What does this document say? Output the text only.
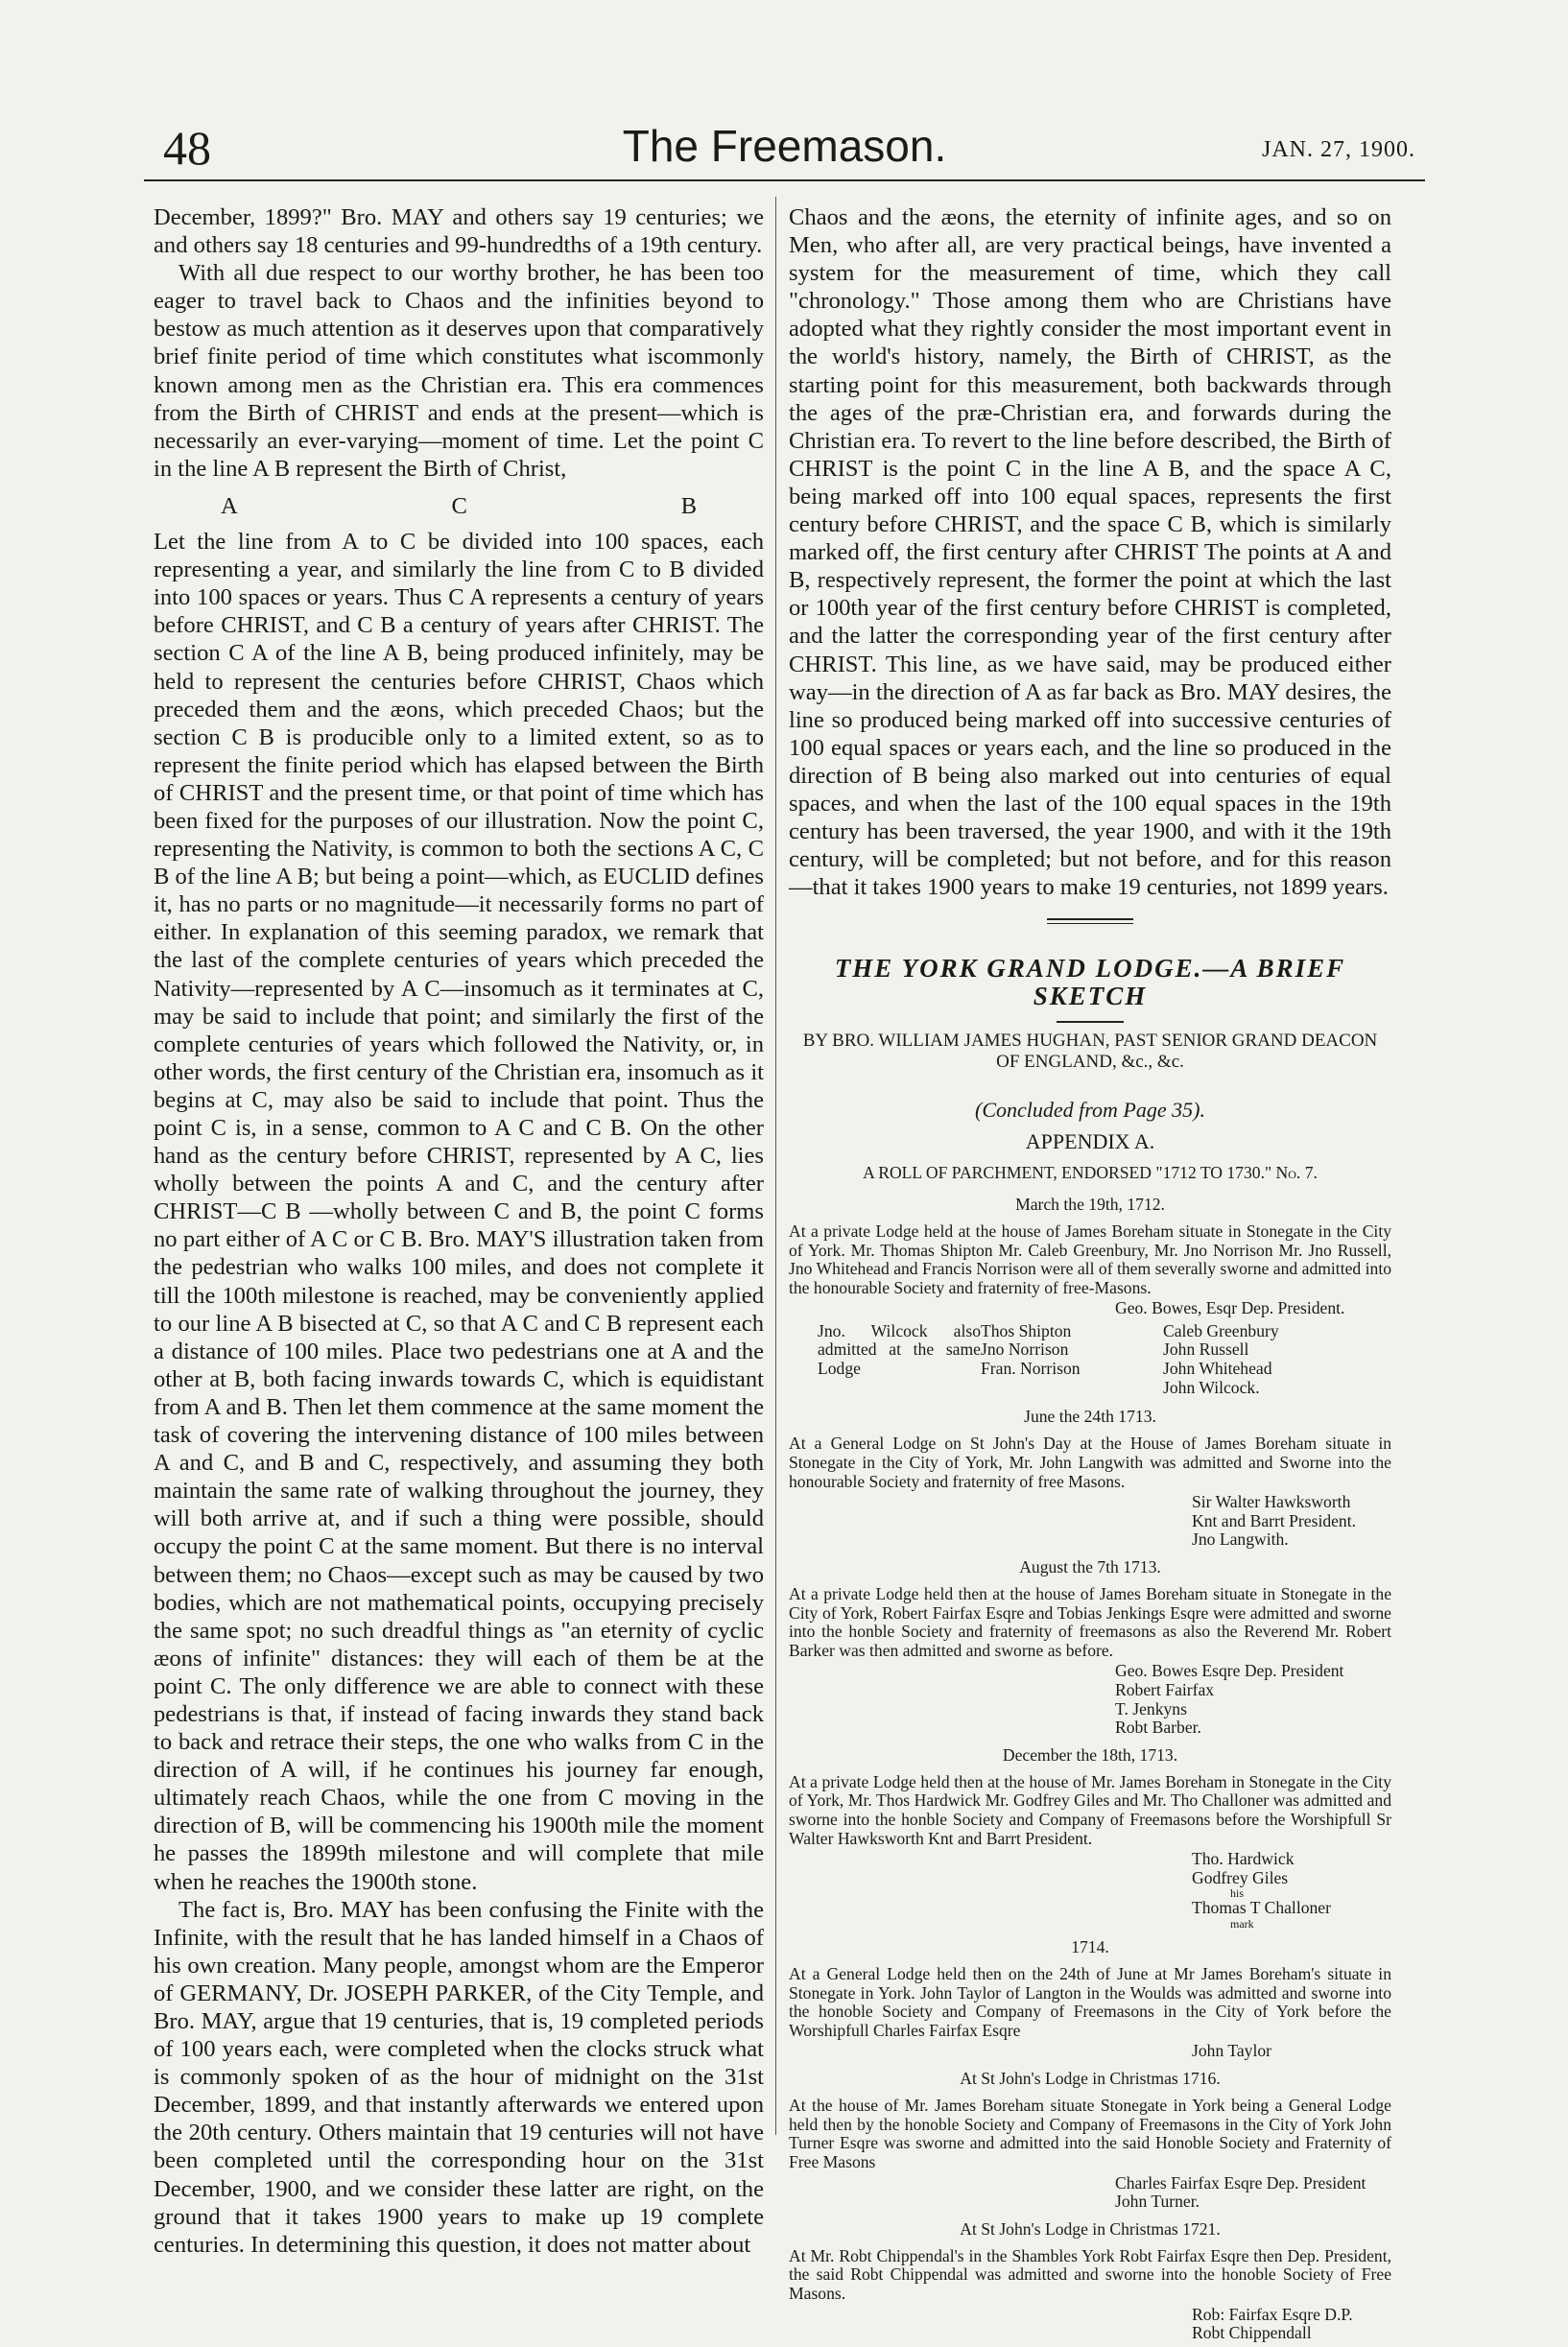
48	The Freemason.	JAN. 27, 1900.

December, 1899?" Bro. MAY and others say 19 centuries; we and others say 18 centuries and 99-hundredths of a 19th century.

With all due respect to our worthy brother, he has been too eager to travel back to Chaos and the infinities beyond to bestow as much attention as it deserves upon that comparatively brief finite period of time which constitutes what iscommonly known among men as the Christian era. This era commences from the Birth of CHRIST and ends at the present—which is necessarily an ever-varying—moment of time. Let the point C in the line A B represent the Birth of Christ,

A	C	B

Let the line from A to C be divided into 100 spaces, each representing a year, and similarly the line from C to B divided into 100 spaces or years. Thus C A represents a century of years before CHRIST, and C B a century of years after CHRIST. The section C A of the line A B, being produced infinitely, may be held to represent the centuries before CHRIST, Chaos which preceded them and the æons, which preceded Chaos; but the section C B is producible only to a limited extent, so as to represent the finite period which has elapsed between the Birth of CHRIST and the present time, or that point of time which has been fixed for the purposes of our illustration. Now the point C, representing the Nativity, is common to both the sections A C, C B of the line A B; but being a point—which, as EUCLID defines it, has no parts or no magnitude—it necessarily forms no part of either. In explanation of this seeming paradox, we remark that the last of the complete centuries of years which preceded the Nativity—represented by A C—insomuch as it terminates at C, may be said to include that point; and similarly the first of the complete centuries of years which followed the Nativity, or, in other words, the first century of the Christian era, insomuch as it begins at C, may also be said to include that point. Thus the point C is, in a sense, common to A C and C B. On the other hand as the century before CHRIST, represented by A C, lies wholly between the points A and C, and the century after CHRIST—C B —wholly between C and B, the point C forms no part either of A C or C B. Bro. MAY'S illustration taken from the pedestrian who walks 100 miles, and does not complete it till the 100th milestone is reached, may be conveniently applied to our line A B bisected at C, so that A C and C B represent each a distance of 100 miles. Place two pedestrians one at A and the other at B, both facing inwards towards C, which is equidistant from A and B. Then let them commence at the same moment the task of covering the intervening distance of 100 miles between A and C, and B and C, respectively, and assuming they both maintain the same rate of walking throughout the journey, they will both arrive at, and if such a thing were possible, should occupy the point C at the same moment. But there is no interval between them; no Chaos—except such as may be caused by two bodies, which are not mathematical points, occupying precisely the same spot; no such dreadful things as "an eternity of cyclic æons of infinite" distances: they will each of them be at the point C. The only difference we are able to connect with these pedestrians is that, if instead of facing inwards they stand back to back and retrace their steps, the one who walks from C in the direction of A will, if he continues his journey far enough, ultimately reach Chaos, while the one from C moving in the direction of B, will be commencing his 1900th mile the moment he passes the 1899th milestone and will complete that mile when he reaches the 1900th stone.

The fact is, Bro. MAY has been confusing the Finite with the Infinite, with the result that he has landed himself in a Chaos of his own creation. Many people, amongst whom are the Emperor of GERMANY, Dr. JOSEPH PARKER, of the City Temple, and Bro. MAY, argue that 19 centuries, that is, 19 completed periods of 100 years each, were completed when the clocks struck what is commonly spoken of as the hour of midnight on the 31st December, 1899, and that instantly afterwards we entered upon the 20th century. Others maintain that 19 centuries will not have been completed until the corresponding hour on the 31st December, 1900, and we consider these latter are right, on the ground that it takes 1900 years to make up 19 complete centuries. In determining this question, it does not matter about

Chaos and the æons, the eternity of infinite ages, and so on Men, who after all, are very practical beings, have invented a system for the measurement of time, which they call "chronology." Those among them who are Christians have adopted what they rightly consider the most important event in the world's history, namely, the Birth of CHRIST, as the starting point for this measurement, both backwards through the ages of the præ-Christian era, and forwards during the Christian era. To revert to the line before described, the Birth of CHRIST is the point C in the line A B, and the space A C, being marked off into 100 equal spaces, represents the first century before CHRIST, and the space C B, which is similarly marked off, the first century after CHRIST The points at A and B, respectively represent, the former the point at which the last or 100th year of the first century before CHRIST is completed, and the latter the corresponding year of the first century after CHRIST. This line, as we have said, may be produced either way—in the direction of A as far back as Bro. MAY desires, the line so produced being marked off into successive centuries of 100 equal spaces or years each, and the line so produced in the direction of B being also marked out into centuries of equal spaces, and when the last of the 100 equal spaces in the 19th century has been traversed, the year 1900, and with it the 19th century, will be completed; but not before, and for this reason—that it takes 1900 years to make 19 centuries, not 1899 years.

THE YORK GRAND LODGE.—A BRIEF SKETCH
BY BRO. WILLIAM JAMES HUGHAN, PAST SENIOR GRAND DEACON
OF ENGLAND, &c., &c.
(Concluded from Page 35).
APPENDIX A.
A ROLL OF PARCHMENT, ENDORSED "1712 TO 1730." No. 7.
March the 19th, 1712.
At a private Lodge held at the house of James Boreham situate in Stonegate in the City of York. Mr. Thomas Shipton Mr. Caleb Greenbury, Mr. Jno Norrison Mr. Jno Russell, Jno Whitehead and Francis Norrison were all of them severally sworne and admitted into the honourable Society and fraternity of free-Masons.
Geo. Bowes, Esqr Dep. President.
Jno. Wilcock also admitted at the same Lodge
Thos Shipton
Jno Norrison
Fran. Norrison
Caleb Greenbury
John Russell
John Whitehead
John Wilcock.
June the 24th 1713.
At a General Lodge on St John's Day at the House of James Boreham situate in Stonegate in the City of York, Mr. John Langwith was admitted and Sworne into the honourable Society and fraternity of free Masons.
Sir Walter Hawksworth
Knt and Barrt President.
Jno Langwith.
August the 7th 1713.
At a private Lodge held then at the house of James Boreham situate in Stonegate in the City of York, Robert Fairfax Esqre and Tobias Jenkings Esqre were admitted and sworne into the honble Society and fraternity of freemasons as also the Reverend Mr. Robert Barker was then admitted and sworne as before.
Geo. Bowes Esqre Dep. President
Robert Fairfax
T. Jenkyns
Robt Barber.
December the 18th, 1713.
At a private Lodge held then at the house of Mr. James Boreham in Stonegate in the City of York, Mr. Thos Hardwick Mr. Godfrey Giles and Mr. Tho Challoner was admitted and sworne into the honble Society and Company of Freemasons before the Worshipfull Sr Walter Hawksworth Knt and Barrt President.
Tho. Hardwick
Godfrey Giles
his
Thomas T Challoner
mark
1714.
At a General Lodge held then on the 24th of June at Mr James Boreham's situate in Stonegate in York. John Taylor of Langton in the Woulds was admitted and sworne into the honoble Society and Company of Freemasons in the City of York before the Worshipfull Charles Fairfax Esqre
John Taylor
At St John's Lodge in Christmas 1716.
At the house of Mr. James Boreham situate Stonegate in York being a General Lodge held then by the honoble Society and Company of Freemasons in the City of York John Turner Esqre was sworne and admitted into the said Honoble Society and Fraternity of Free Masons
Charles Fairfax Esqre Dep. President
John Turner.
At St John's Lodge in Christmas 1721.
At Mr. Robt Chippendal's in the Shambles York Robt Fairfax Esqre then Dep. President, the said Robt Chippendal was admitted and sworne into the honoble Society of Free Masons.
Rob: Fairfax Esqre D.P.
Robt Chippendall
